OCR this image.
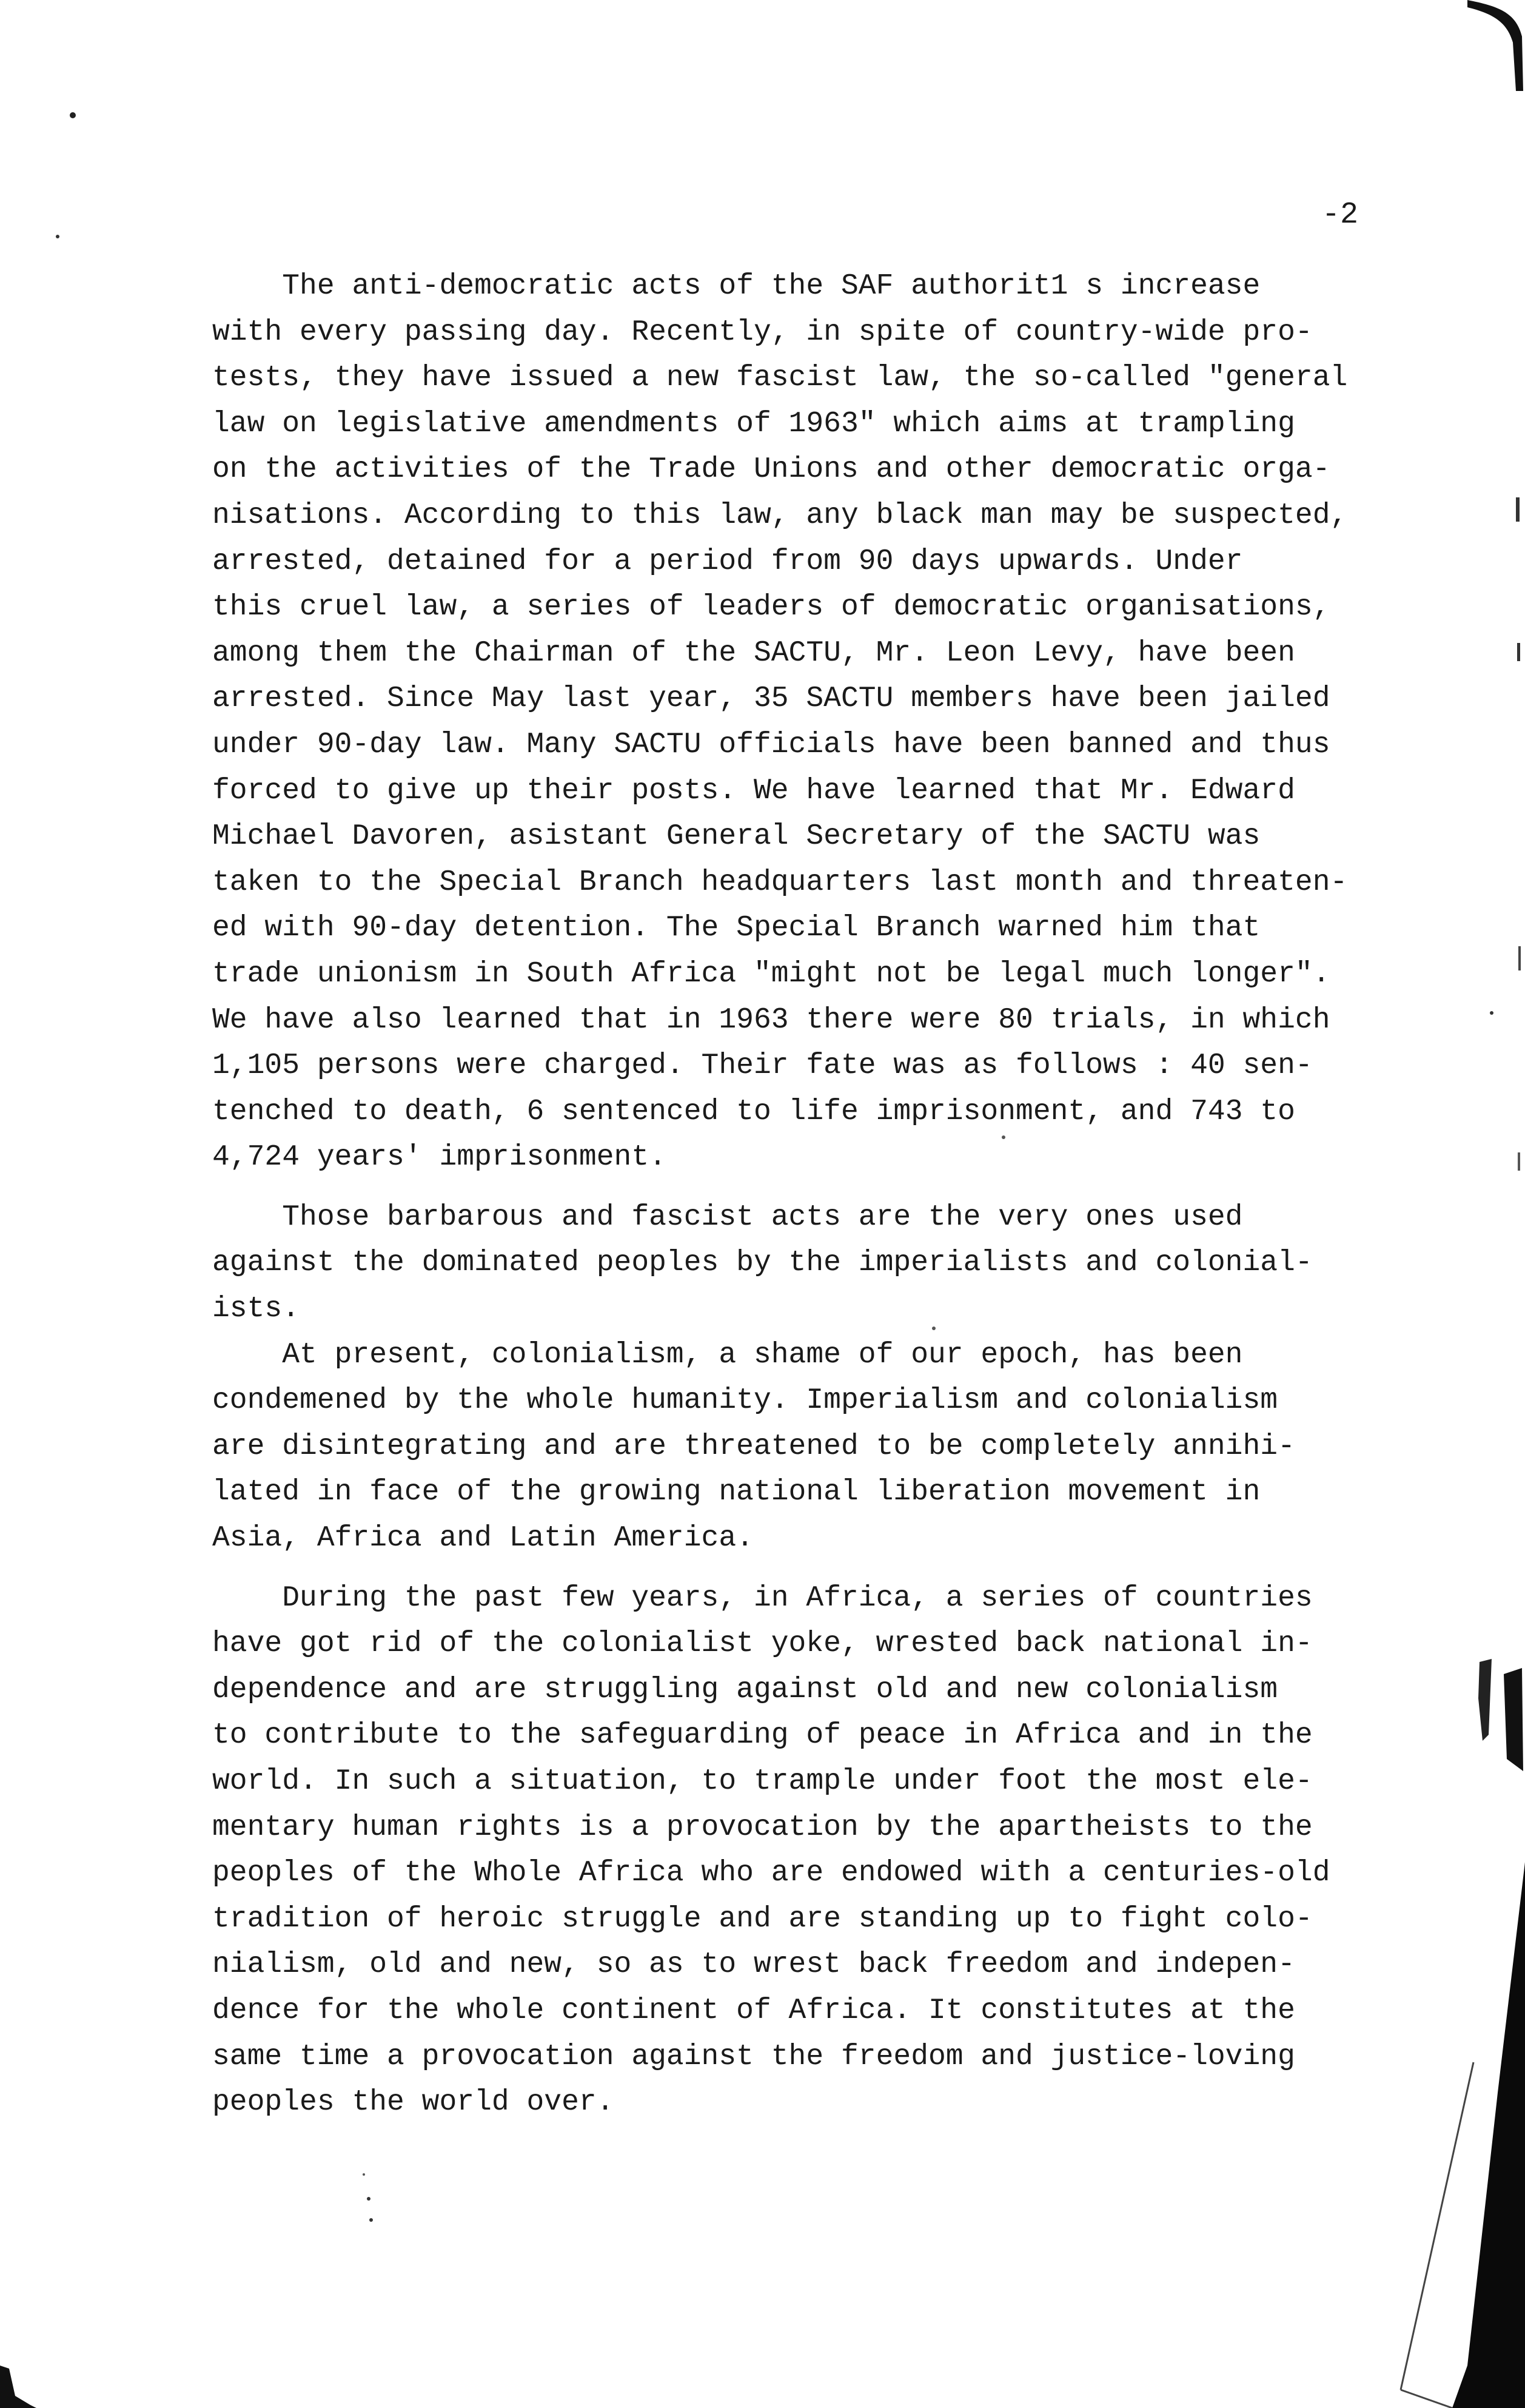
-2
The anti-democratic acts of the SAF authorit1 s increase
with every passing day. Recently, in spite of country-wide pro-
tests, they have issued a new fascist law, the so-called "general
law on legislative amendments of 1963" which aims at trampling
on the activities of the Trade Unions and other democratic orga-
nisations. According to this law, any black man may be suspected,
arrested, detained for a period from 90 days upwards. Under
this cruel law, a series of leaders of democratic organisations,
among them the Chairman of the SACTU, Mr. Leon Levy, have been
arrested. Since May last year, 35 SACTU members have been jailed
under 90-day law. Many SACTU officials have been banned and thus
forced to give up their posts. We have learned that Mr. Edward
Michael Davoren, asistant General Secretary of the SACTU was
taken to the Special Branch headquarters last month and threaten-
ed with 90-day detention. The Special Branch warned him that
trade unionism in South Africa "might not be legal much longer".
We have also learned that in 1963 there were 80 trials, in which
1,105 persons were charged. Their fate was as follows : 40 sen-
tenched to death, 6 sentenced to life imprisonment, and 743 to
4,724 years' imprisonment.
Those barbarous and fascist acts are the very ones used
against the dominated peoples by the imperialists and colonial-
ists.
At present, colonialism, a shame of our epoch, has been
condemened by the whole humanity. Imperialism and colonialism
are disintegrating and are threatened to be completely annihi-
lated in face of the growing national liberation movement in
Asia, Africa and Latin America.
During the past few years, in Africa, a series of countries
have got rid of the colonialist yoke, wrested back national in-
dependence and are struggling against old and new colonialism
to contribute to the safeguarding of peace in Africa and in the
world. In such a situation, to trample under foot the most ele-
mentary human rights is a provocation by the apartheists to the
peoples of the Whole Africa who are endowed with a centuries-old
tradition of heroic struggle and are standing up to fight colo-
nialism, old and new, so as to wrest back freedom and indepen-
dence for the whole continent of Africa. It constitutes at the
same time a provocation against the freedom and justice-loving
peoples the world over.
